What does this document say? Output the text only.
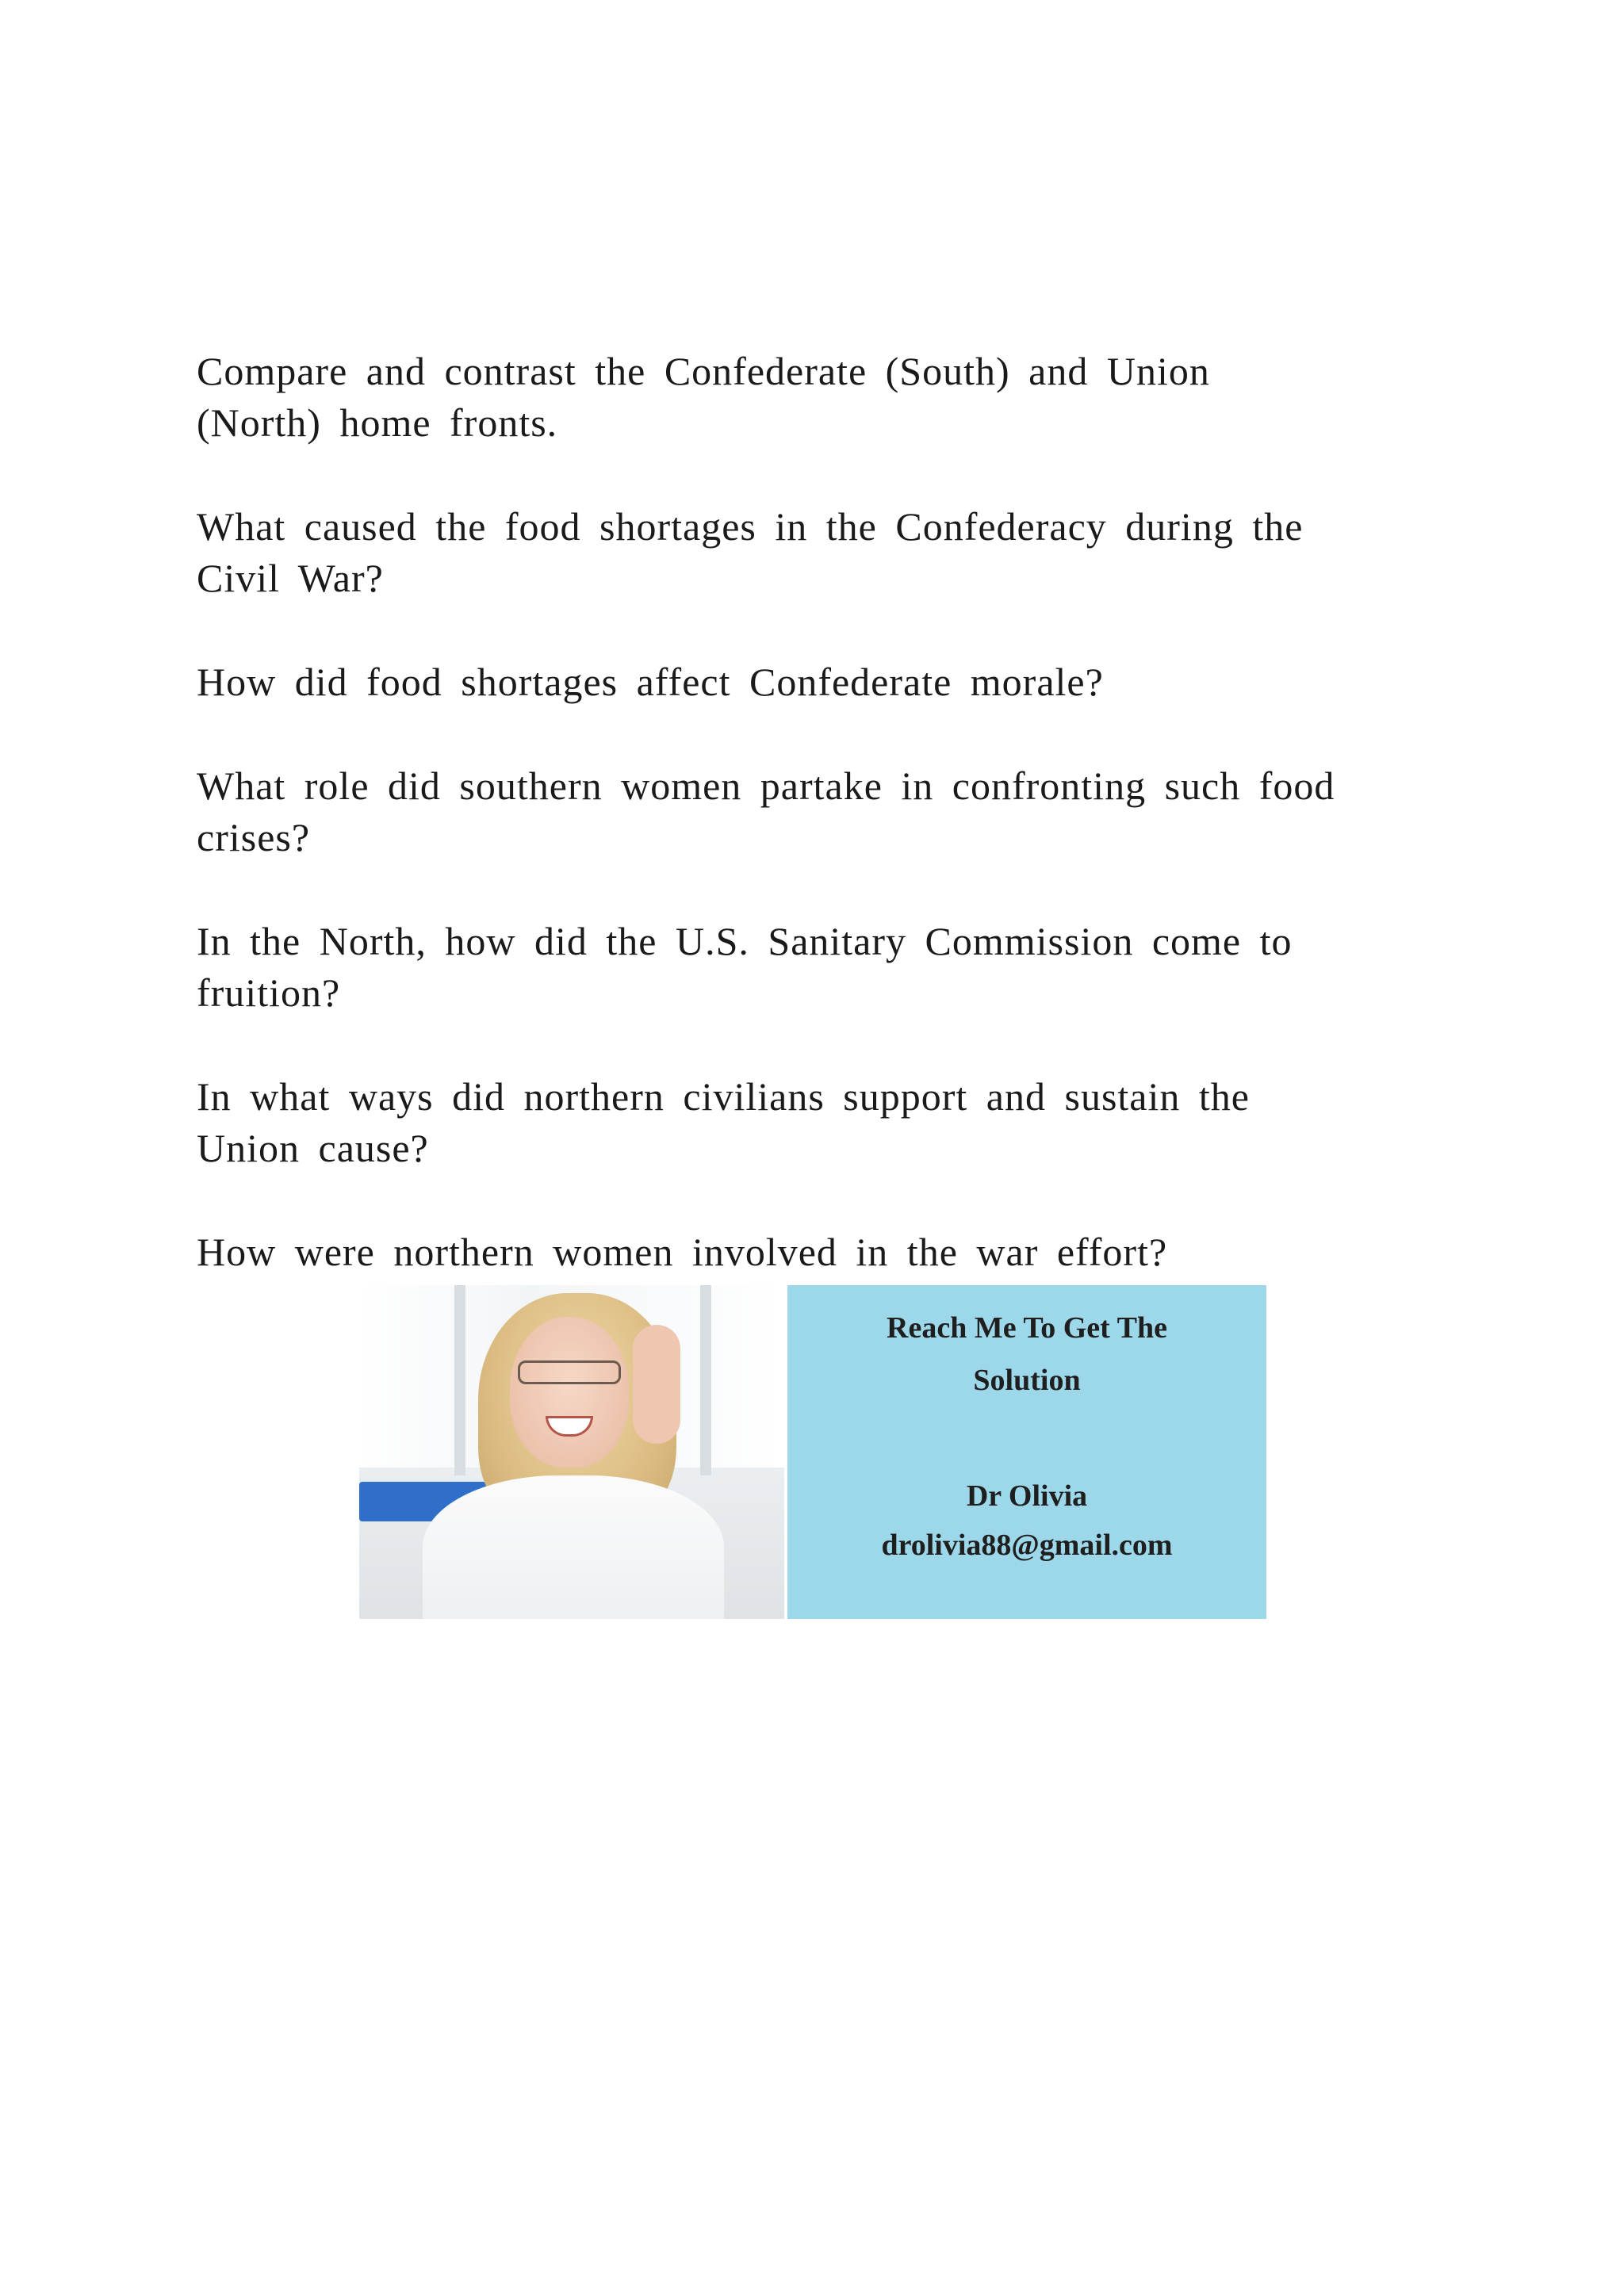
Compare and contrast the Confederate (South) and Union
(North) home fronts.
What caused the food shortages in the Confederacy during the
Civil War?
How did food shortages affect Confederate morale?
What role did southern women partake in confronting such food
crises?
In the North, how did the U.S. Sanitary Commission come to
fruition?
In what ways did northern civilians support and sustain the
Union cause?
How were northern women involved in the war effort?
Reach Me To Get The
Solution
Dr Olivia
drolivia88@gmail.com
